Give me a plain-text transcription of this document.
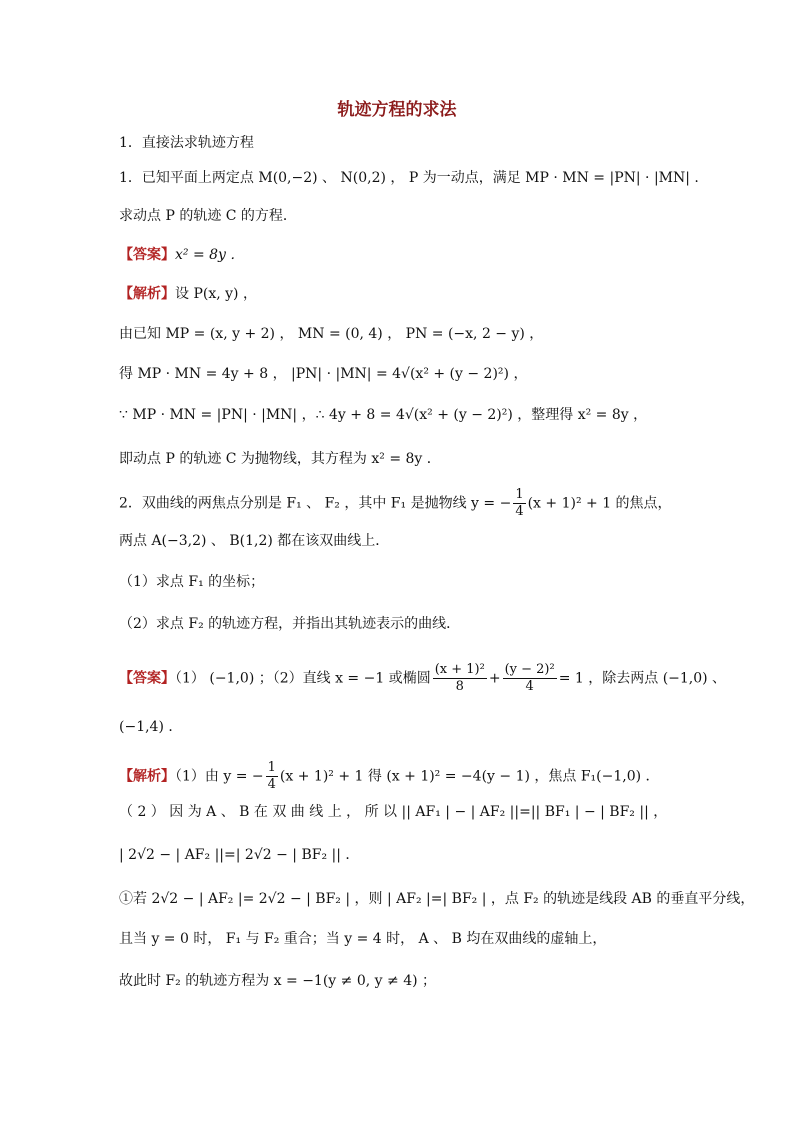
轨迹方程的求法
1．直接法求轨迹方程
1．已知平面上两定点 M(0,−2) 、 N(0,2) ， P 为一动点，满足 MP · MN = |PN| · |MN| .
求动点 P 的轨迹 C 的方程．
【答案】x² = 8y ．
【解析】设 P(x, y) ，
由已知 MP = (x, y + 2) ， MN = (0, 4) ， PN = (−x, 2 − y) ，
得 MP · MN = 4y + 8 ， |PN| · |MN| = 4√(x² + (y − 2)²) ，
∵ MP · MN = |PN| · |MN| ，∴ 4y + 8 = 4√(x² + (y − 2)²) ，整理得 x² = 8y ，
即动点 P 的轨迹 C 为抛物线，其方程为 x² = 8y ．
2．双曲线的两焦点分别是 F₁ 、 F₂ ，其中 F₁ 是抛物线 y = − $\frac{1}{4} (x + 1)^2 + 1$ 的焦点，
两点 A(−3,2) 、 B(1,2) 都在该双曲线上．
（1）求点 F₁ 的坐标；
（2）求点 F₂ 的轨迹方程，并指出其轨迹表示的曲线．
【答案】（1） (−1,0) ；（2）直线 x = −1 或椭圆 $\frac{\text{(x + 1)²}}{8} + \frac{\text{(y − 2)²}}{4} = 1$ ，除去两点 (−1,0) 、
(−1,4) ．
【解析】（1）由 y = − $\frac{1}{4} (x + 1)^2 + 1$ 得 (x + 1)² = −4(y − 1) ，焦点 F₁(−1,0) ．
（ 2 ） 因 为 A 、 B 在 双 曲 线 上 ， 所 以 || AF₁ | − | AF₂ ||=|| BF₁ | − | BF₂ || ，
| 2√2 − | AF₂ ||=| 2√2 − | BF₂ || ．
①若 2√2 − | AF₂ |= 2√2 − | BF₂ | ，则 | AF₂ |=| BF₂ | ，点 F₂ 的轨迹是线段 AB 的垂直平分线，
且当 y = 0 时， F₁ 与 F₂ 重合；当 y = 4 时， A 、 B 均在双曲线的虚轴上，
故此时 F₂ 的轨迹方程为 x = −1(y ≠ 0, y ≠ 4) ；
